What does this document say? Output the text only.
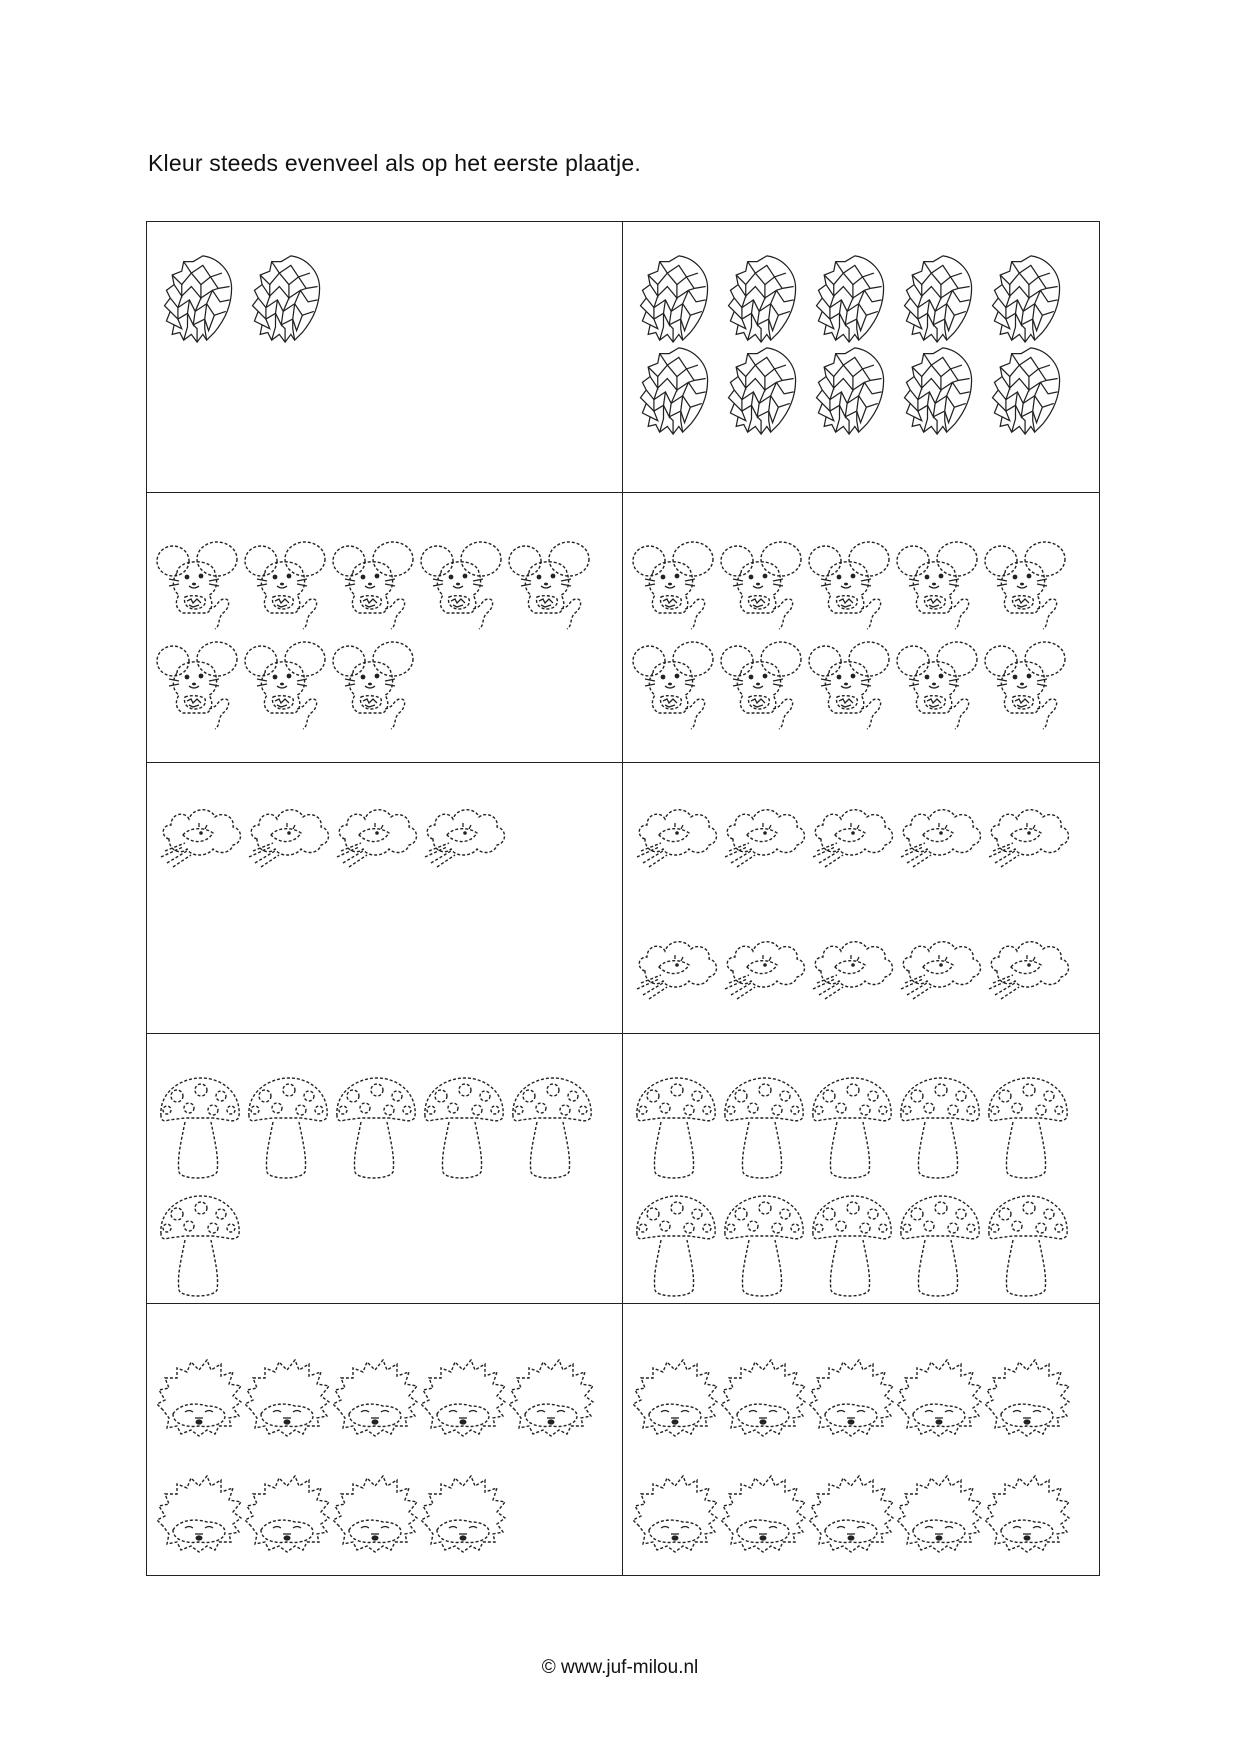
Kleur steeds evenveel als op het eerste plaatje.
© www.juf-milou.nl
